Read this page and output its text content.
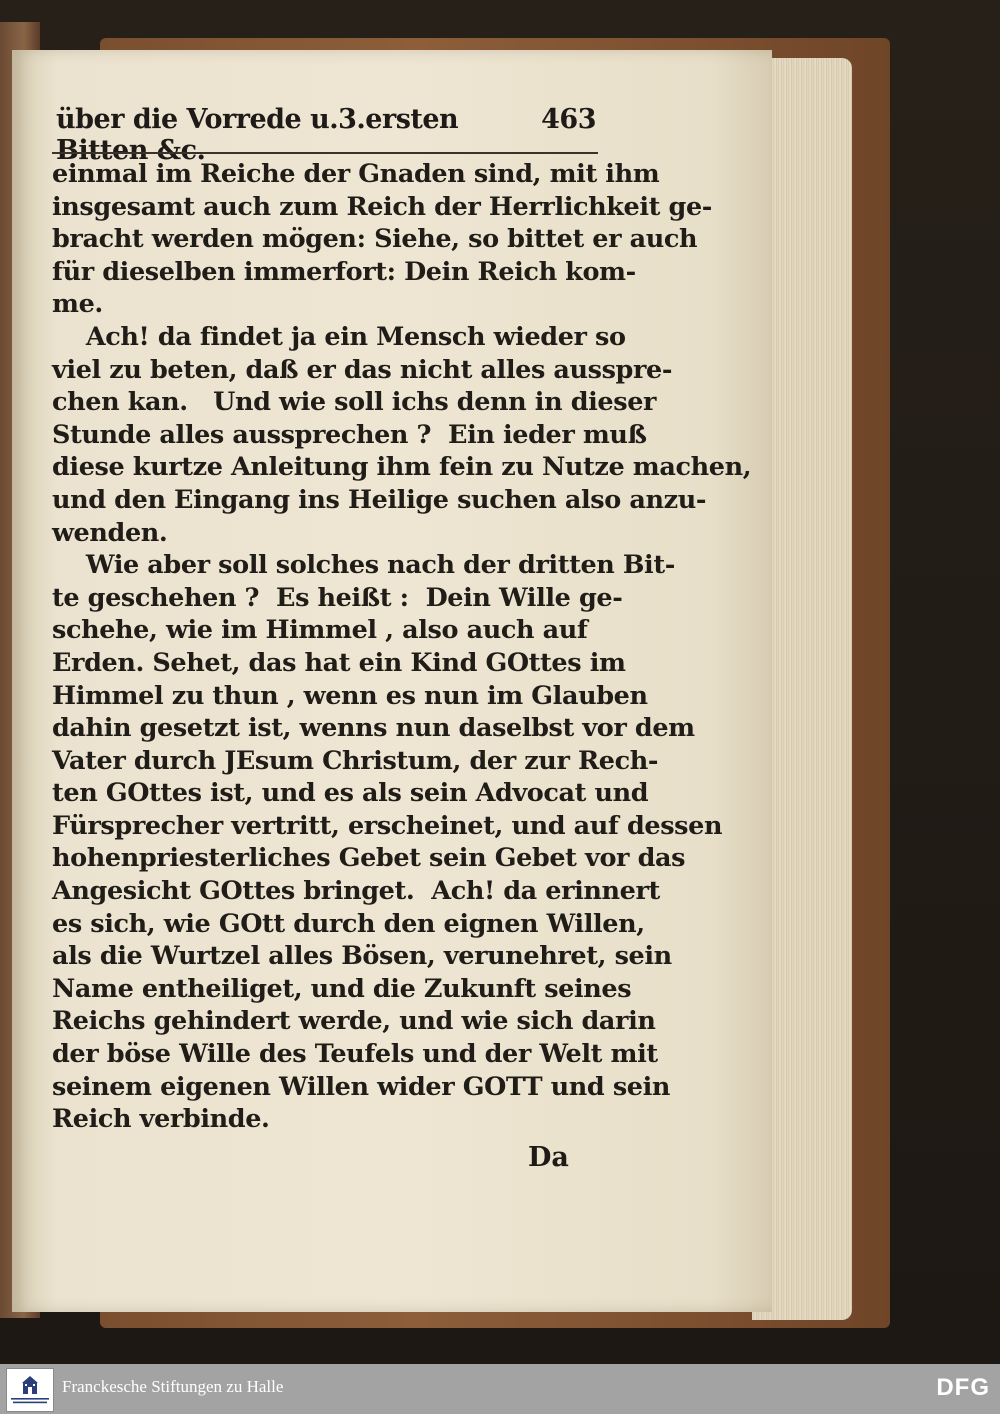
über die Vorrede u.3.ersten Bitten &c.
463
einmal im Reiche der Gnaden sind, mit ihm
insgesamt auch zum Reich der Herrlichkeit ge-
bracht werden mögen: Siehe, so bittet er auch
für dieselben immerfort: Dein Reich kom-
me.
Ach! da findet ja ein Mensch wieder so
viel zu beten, daß er das nicht alles ausspre-
chen kan.   Und wie soll ichs denn in dieser
Stunde alles aussprechen ?  Ein ieder muß
diese kurtze Anleitung ihm fein zu Nutze machen,
und den Eingang ins Heilige suchen also anzu-
wenden.
Wie aber soll solches nach der dritten Bit-
te geschehen ?  Es heißt :  Dein Wille ge-
schehe, wie im Himmel , also auch auf
Erden. Sehet, das hat ein Kind GOttes im
Himmel zu thun , wenn es nun im Glauben
dahin gesetzt ist, wenns nun daselbst vor dem
Vater durch JEsum Christum, der zur Rech-
ten GOttes ist, und es als sein Advocat und
Fürsprecher vertritt, erscheinet, und auf dessen
hohenpriesterliches Gebet sein Gebet vor das
Angesicht GOttes bringet.  Ach! da erinnert
es sich, wie GOtt durch den eignen Willen,
als die Wurtzel alles Bösen, verunehret, sein
Name entheiliget, und die Zukunft seines
Reichs gehindert werde, und wie sich darin
der böse Wille des Teufels und der Welt mit
seinem eigenen Willen wider GOTT und sein
Reich verbinde.
Da
Franckesche Stiftungen zu Halle	DFG
